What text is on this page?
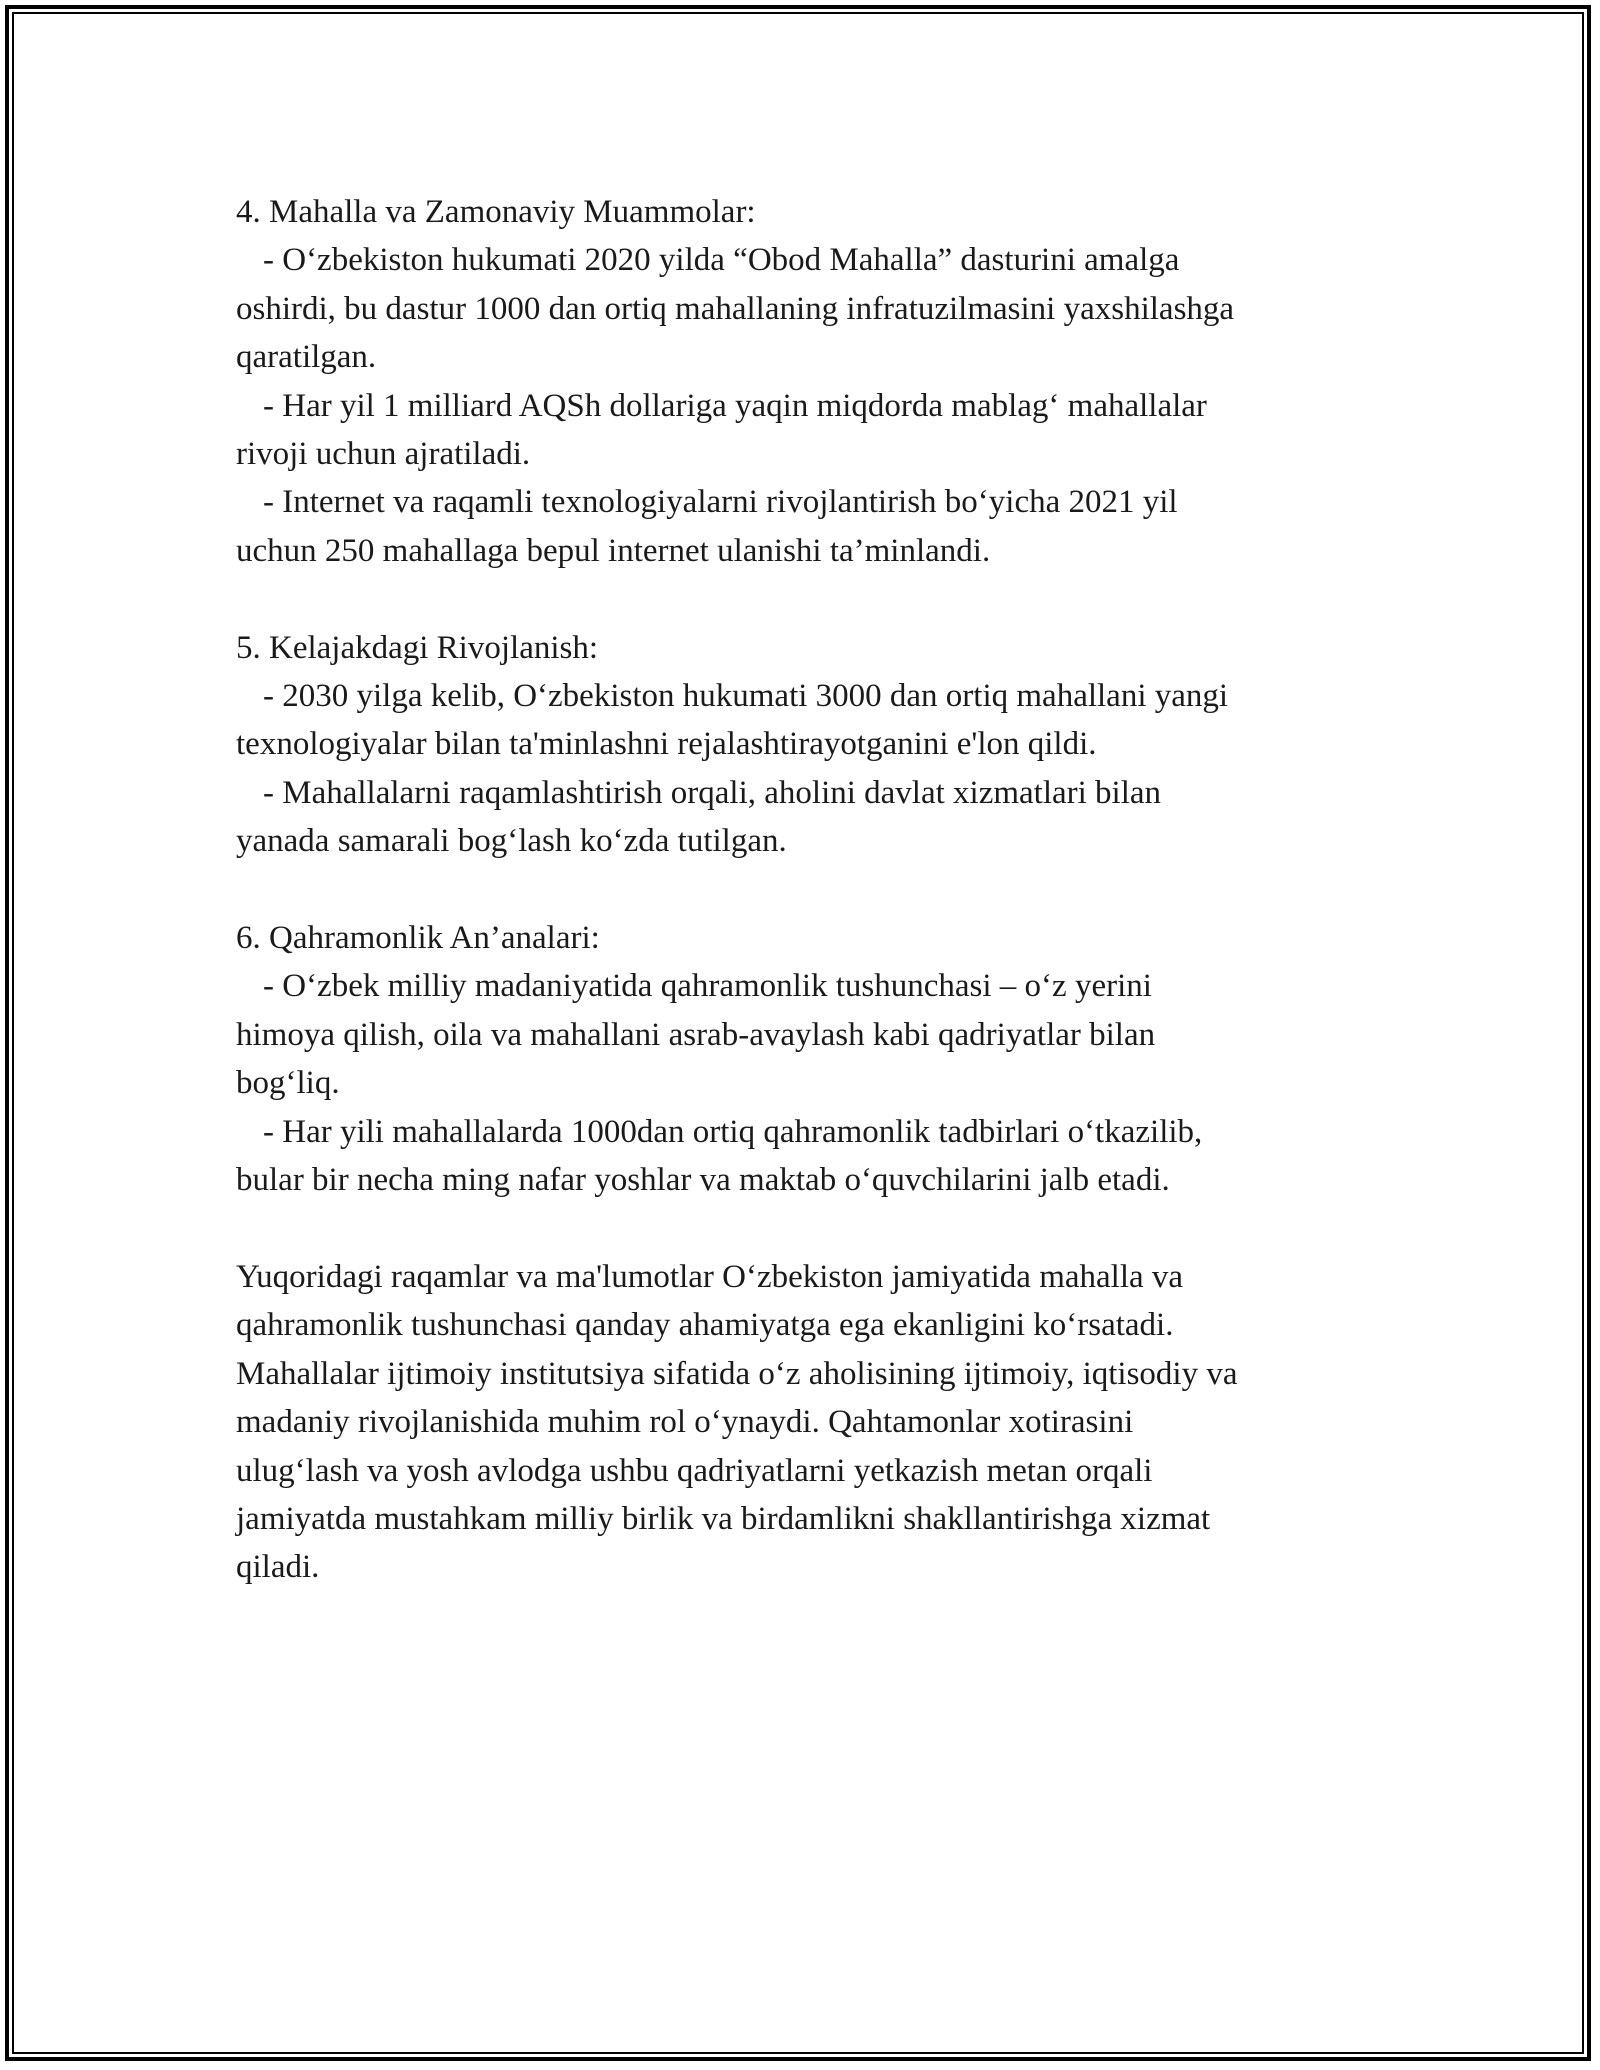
4. Mahalla va Zamonaviy Muammolar:

- O‘zbekiston hukumati 2020 yilda “Obod Mahalla” dasturini amalga

oshirdi, bu dastur 1000 dan ortiq mahallaning infratuzilmasini yaxshilashga

qaratilgan.

- Har yil 1 milliard AQSh dollariga yaqin miqdorda mablag‘ mahallalar

rivoji uchun ajratiladi.

- Internet va raqamli texnologiyalarni rivojlantirish bo‘yicha 2021 yil

uchun 250 mahallaga bepul internet ulanishi ta’minlandi.

5. Kelajakdagi Rivojlanish:

- 2030 yilga kelib, O‘zbekiston hukumati 3000 dan ortiq mahallani yangi

texnologiyalar bilan ta'minlashni rejalashtirayotganini e'lon qildi.

- Mahallalarni raqamlashtirish orqali, aholini davlat xizmatlari bilan

yanada samarali bog‘lash ko‘zda tutilgan.

6. Qahramonlik An’analari:

- O‘zbek milliy madaniyatida qahramonlik tushunchasi – o‘z yerini

himoya qilish, oila va mahallani asrab-avaylash kabi qadriyatlar bilan

bog‘liq.

- Har yili mahallalarda 1000dan ortiq qahramonlik tadbirlari o‘tkazilib,

bular bir necha ming nafar yoshlar va maktab o‘quvchilarini jalb etadi.

Yuqoridagi raqamlar va ma'lumotlar O‘zbekiston jamiyatida mahalla va

qahramonlik tushunchasi qanday ahamiyatga ega ekanligini ko‘rsatadi.

Mahallalar ijtimoiy institutsiya sifatida o‘z aholisining ijtimoiy, iqtisodiy va

madaniy rivojlanishida muhim rol o‘ynaydi. Qahtamonlar xotirasini

ulug‘lash va yosh avlodga ushbu qadriyatlarni yetkazish metan orqali

jamiyatda mustahkam milliy birlik va birdamlikni shakllantirishga xizmat

qiladi.
